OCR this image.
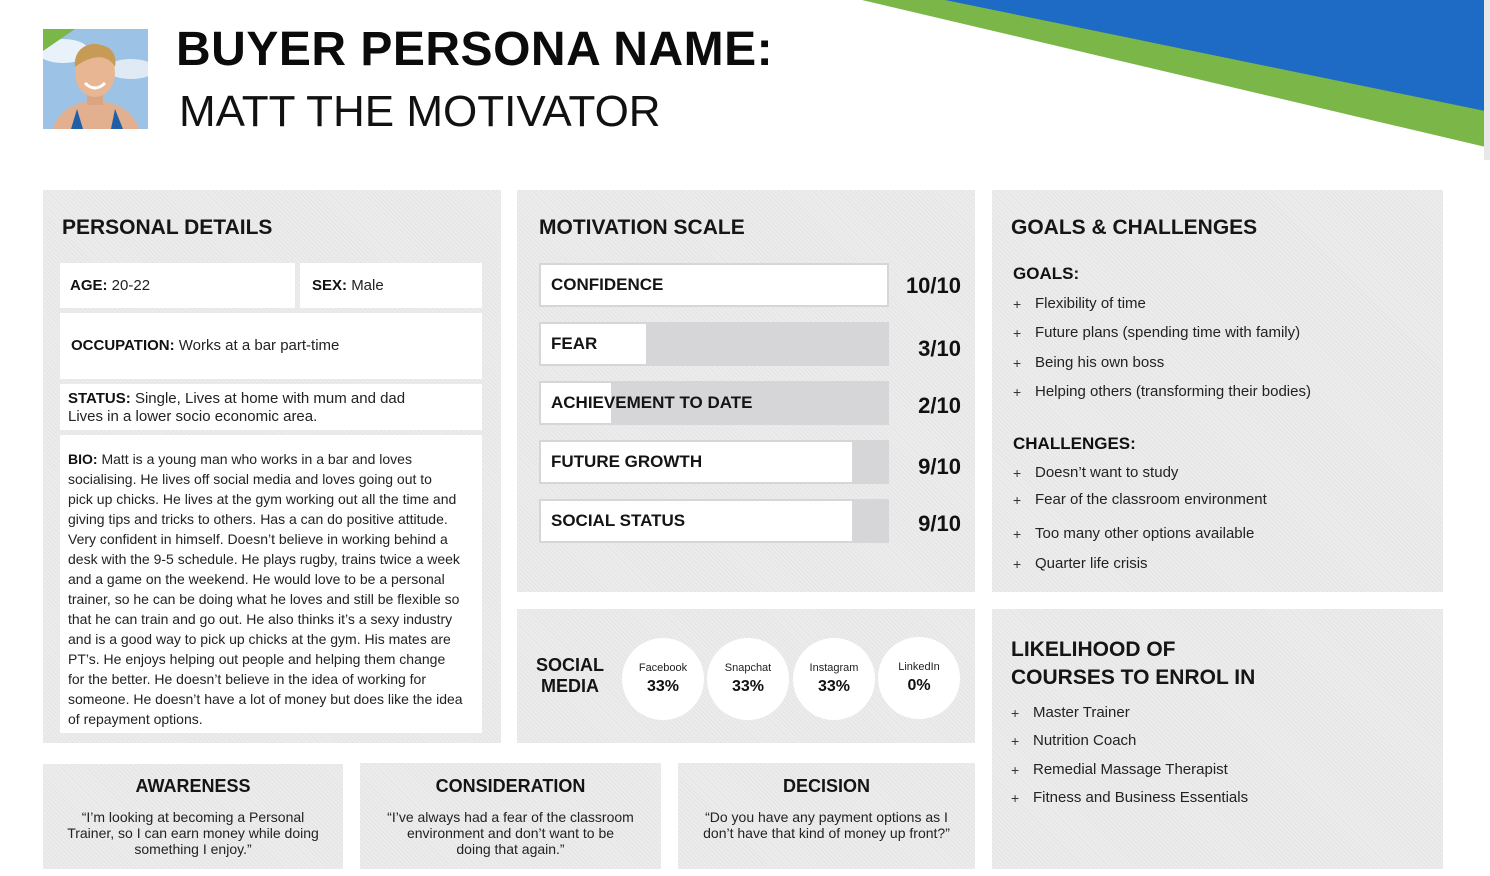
BUYER PERSONA NAME:
MATT THE MOTIVATOR
PERSONAL DETAILS
AGE: 20-22	SEX: Male
OCCUPATION: Works at a bar part-time
STATUS: Single, Lives at home with mum and dad
Lives in a lower socio economic area.
BIO: Matt is a young man who works in a bar and loves
socialising. He lives off social media and loves going out to
pick up chicks. He lives at the gym working out all the time and
giving tips and tricks to others. Has a can do positive attitude.
Very confident in himself. Doesn’t believe in working behind a
desk with the 9-5 schedule. He plays rugby, trains twice a week
and a game on the weekend. He would love to be a personal
trainer, so he can be doing what he loves and still be flexible so
that he can train and go out. He also thinks it’s a sexy industry
and is a good way to pick up chicks at the gym. His mates are
PT’s. He enjoys helping out people and helping them change
for the better. He doesn’t believe in the idea of working for
someone. He doesn’t have a lot of money but does like the idea
of repayment options.
MOTIVATION SCALE
CONFIDENCE	10/10
FEAR	3/10
ACHIEVEMENT TO DATE	2/10
FUTURE GROWTH	9/10
SOCIAL STATUS	9/10
SOCIAL
MEDIA
Facebook
33%
Snapchat
33%
Instagram
33%
LinkedIn
0%
GOALS & CHALLENGES
GOALS:
+ Flexibility of time
+ Future plans (spending time with family)
+ Being his own boss
+ Helping others (transforming their bodies)
CHALLENGES:
+ Doesn’t want to study
+ Fear of the classroom environment
+ Too many other options available
+ Quarter life crisis
LIKELIHOOD OF
COURSES TO ENROL IN
+ Master Trainer
+ Nutrition Coach
+ Remedial Massage Therapist
+ Fitness and Business Essentials
AWARENESS
“I’m looking at becoming a Personal
Trainer, so I can earn money while doing
something I enjoy.”
CONSIDERATION
“I’ve always had a fear of the classroom
environment and don’t want to be
doing that again.”
DECISION
“Do you have any payment options as I
don’t have that kind of money up front?”
